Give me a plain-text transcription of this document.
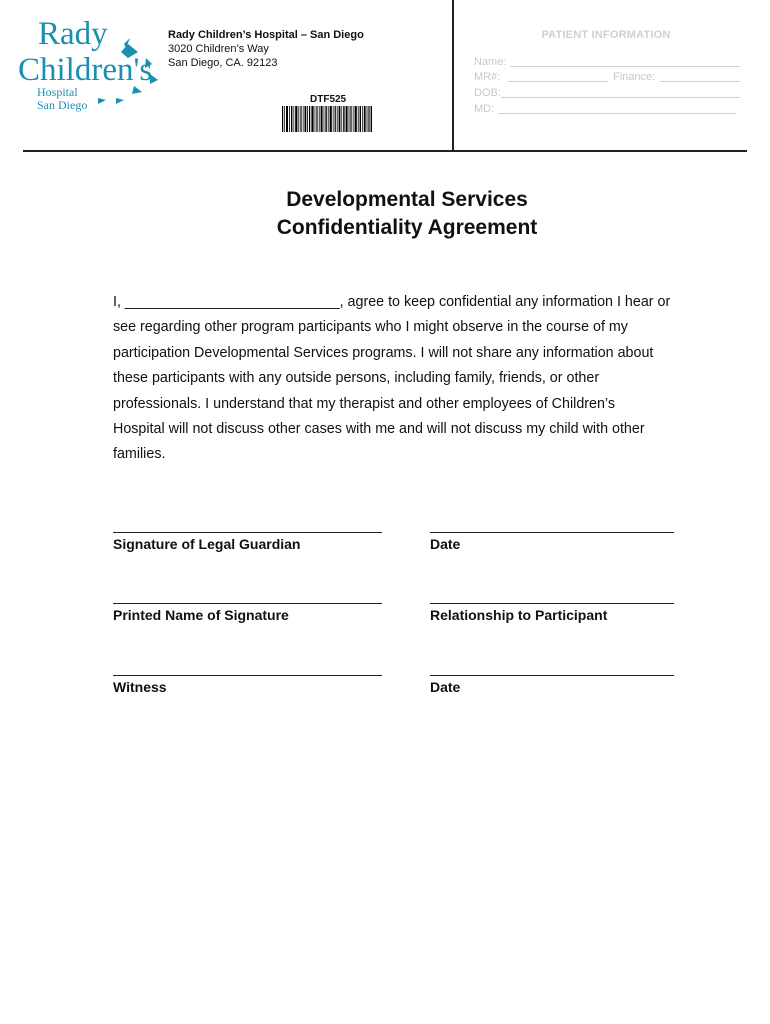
Rady
Children's
Hospital
San Diego
Rady Children’s Hospital – San Diego
3020 Children’s Way
San Diego, CA. 92123
DTF525
PATIENT INFORMATION
Name:
MR#:	Finance:
DOB:
MD:
Developmental Services
Confidentiality Agreement
I, ___________________________, agree to keep confidential any information I hear or
see regarding other program participants who I might observe in the course of my
participation Developmental Services programs. I will not share any information about
these participants with any outside persons, including family, friends, or other
professionals. I understand that my therapist and other employees of Children’s
Hospital will not discuss other cases with me and will not discuss my child with other
families.
Signature of Legal Guardian	Date
Printed Name of Signature	Relationship to Participant
Witness	Date
